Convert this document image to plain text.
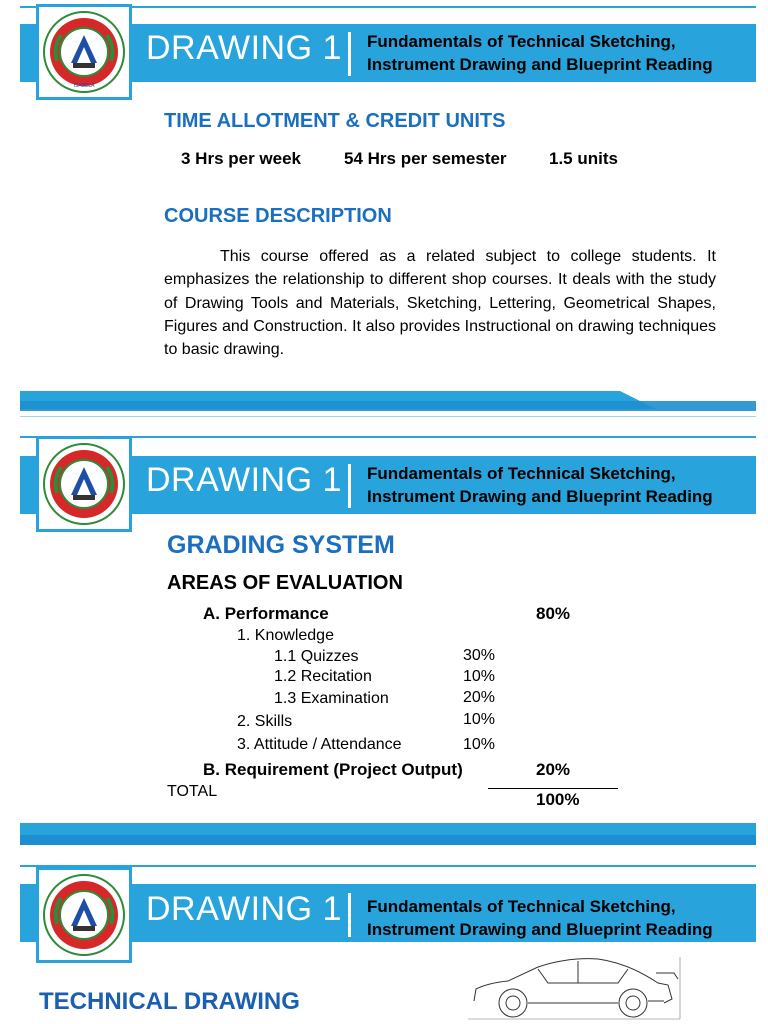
ISABELA
DRAWING 1 Fundamentals of Technical Sketching,
Instrument Drawing and Blueprint Reading
TIME ALLOTMENT & CREDIT UNITS
3 Hrs per week	54 Hrs per semester 1.5 units
COURSE DESCRIPTION
This course offered as a related subject to college students. It emphasizes the relationship to different shop courses. It deals with the study of Drawing Tools and Materials, Sketching, Lettering, Geometrical Shapes, Figures and Construction. It also provides Instructional on drawing techniques to basic drawing.
DRAWING 1 Fundamentals of Technical Sketching,
Instrument Drawing and Blueprint Reading
GRADING SYSTEM
AREAS OF EVALUATION
A. Performance	80%
1. Knowledge
1.1 Quizzes	30%
1.2 Recitation	10%
1.3 Examination	20%
2. Skills	10%
3. Attitude / Attendance	10%
B. Requirement (Project Output)	20%
TOTAL	100%
DRAWING 1 Fundamentals of Technical Sketching,
Instrument Drawing and Blueprint Reading
TECHNICAL DRAWING
